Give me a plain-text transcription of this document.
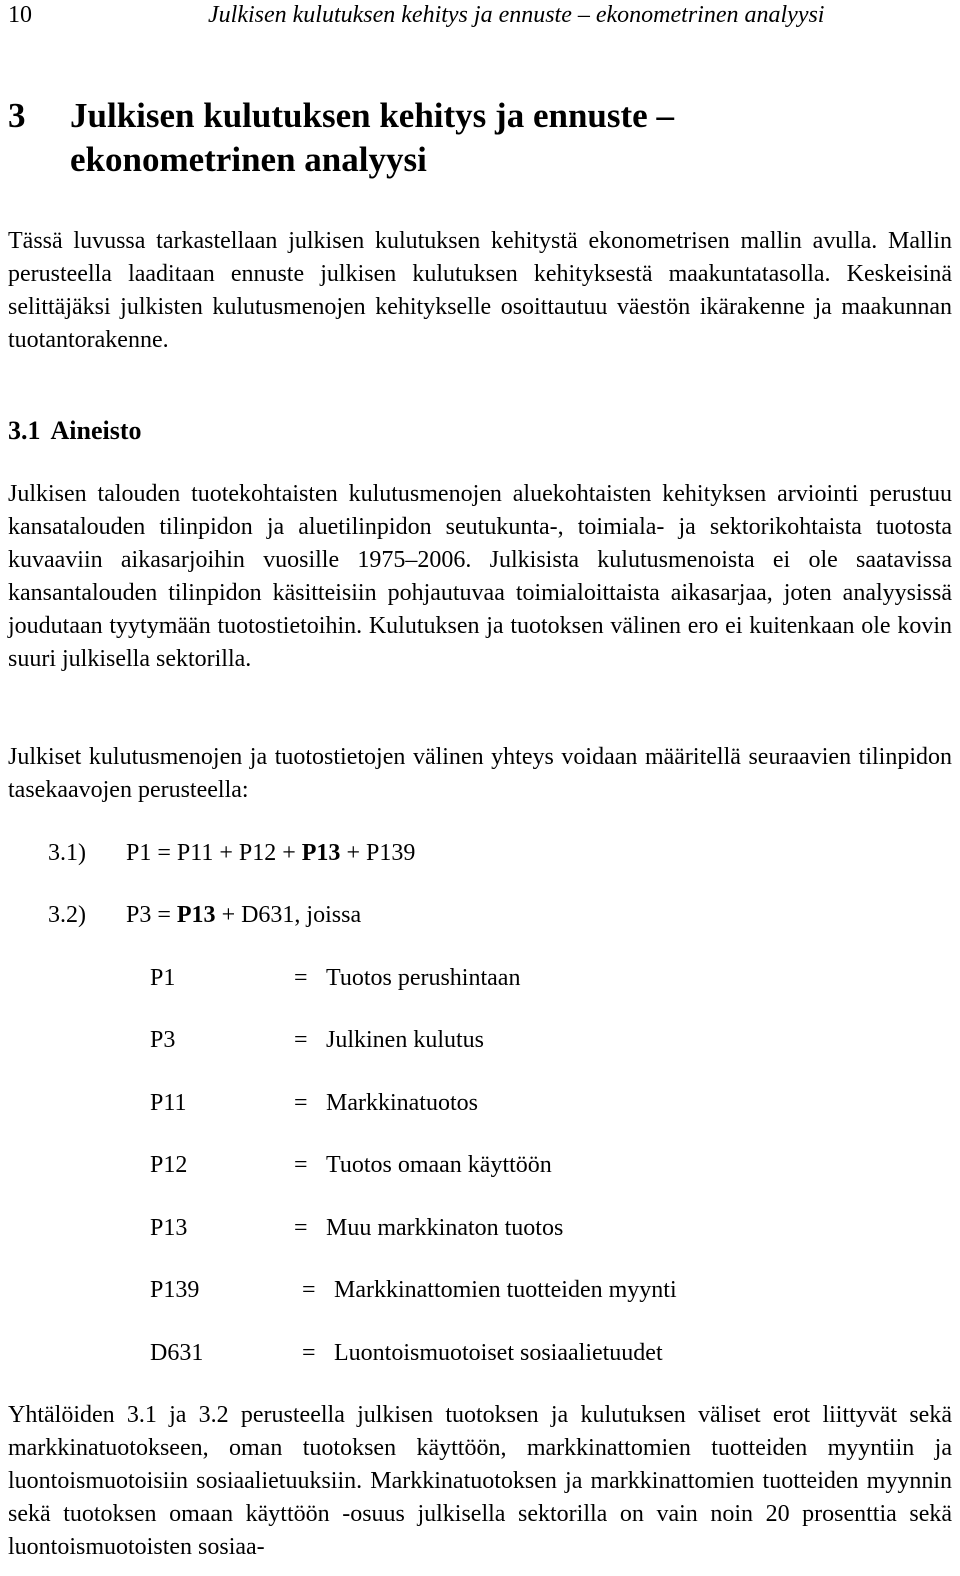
10	Julkisen kulutuksen kehitys ja ennuste – ekonometrinen analyysi
3 Julkisen kulutuksen kehitys ja ennuste – ekonometrinen analyysi

Tässä luvussa tarkastellaan julkisen kulutuksen kehitystä ekonometrisen mallin avulla. Mallin perusteella laaditaan ennuste julkisen kulutuksen kehityksestä maakuntatasolla. Keskeisinä selittäjäksi julkisten kulutusmenojen kehitykselle osoittautuu väestön ikärakenne ja maakunnan tuotantorakenne.

3.1 Aineisto

Julkisen talouden tuotekohtaisten kulutusmenojen aluekohtaisten kehityksen arviointi perustuu kansatalouden tilinpidon ja aluetilinpidon seutukunta-, toimiala- ja sektorikohtaista tuotosta kuvaaviin aikasarjoihin vuosille 1975–2006. Julkisista kulutusmenoista ei ole saatavissa kansantalouden tilinpidon käsitteisiin pohjautuvaa toimialoittaista aikasarjaa, joten analyysissä joudutaan tyytymään tuotostietoihin. Kulutuksen ja tuotoksen välinen ero ei kuitenkaan ole kovin suuri julkisella sektorilla.

Julkiset kulutusmenojen ja tuotostietojen välinen yhteys voidaan määritellä seuraavien tilinpidon tasekaavojen perusteella:

3.1) P1 = P11 + P12 + P13 + P139
3.2) P3 = P13 + D631, joissa
P1	= Tuotos perushintaan
P3	= Julkinen kulutus
P11	= Markkinatuotos
P12	= Tuotos omaan käyttöön
P13	= Muu markkinaton tuotos
P139	= Markkinattomien tuotteiden myynti
D631	= Luontoismuotoiset sosiaalietuudet

Yhtälöiden 3.1 ja 3.2 perusteella julkisen tuotoksen ja kulutuksen väliset erot liittyvät sekä markkinatuotokseen, oman tuotoksen käyttöön, markkinattomien tuotteiden myyntiin ja luontoismuotoisiin sosiaalietuuksiin. Markkinatuotoksen ja markkinattomien tuotteiden myynnin sekä tuotoksen omaan käyttöön -osuus julkisella sektorilla on vain noin 20 prosenttia sekä luontoismuotoisten sosiaa-
